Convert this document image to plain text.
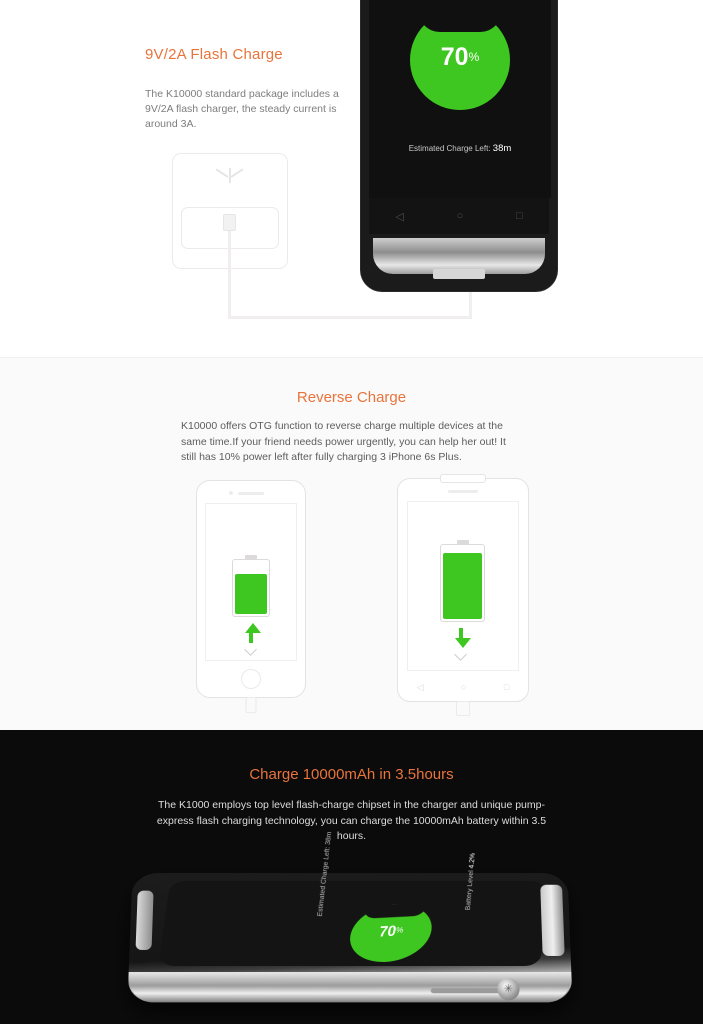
9V/2A Flash Charge
The K10000 standard package includes a 9V/2A flash charger, the steady current is around 3A.
70%
Estimated Charge Left: 38m
◁	○	□
Reverse Charge
K10000 offers OTG function to reverse charge multiple devices at the same time.If your friend needs power urgently, you can help her out! It still has 10% power left after fully charging 3 iPhone 6s Plus.
◁	○	□
Charge 10000mAh in 3.5hours
The K1000 employs top level flash-charge chipset in the charger and unique pump-express flash charging technology, you can charge the 10000mAh battery within 3.5 hours.
70%
Estimated Charge Left: 38m	Battery Level 4.2%
✳
